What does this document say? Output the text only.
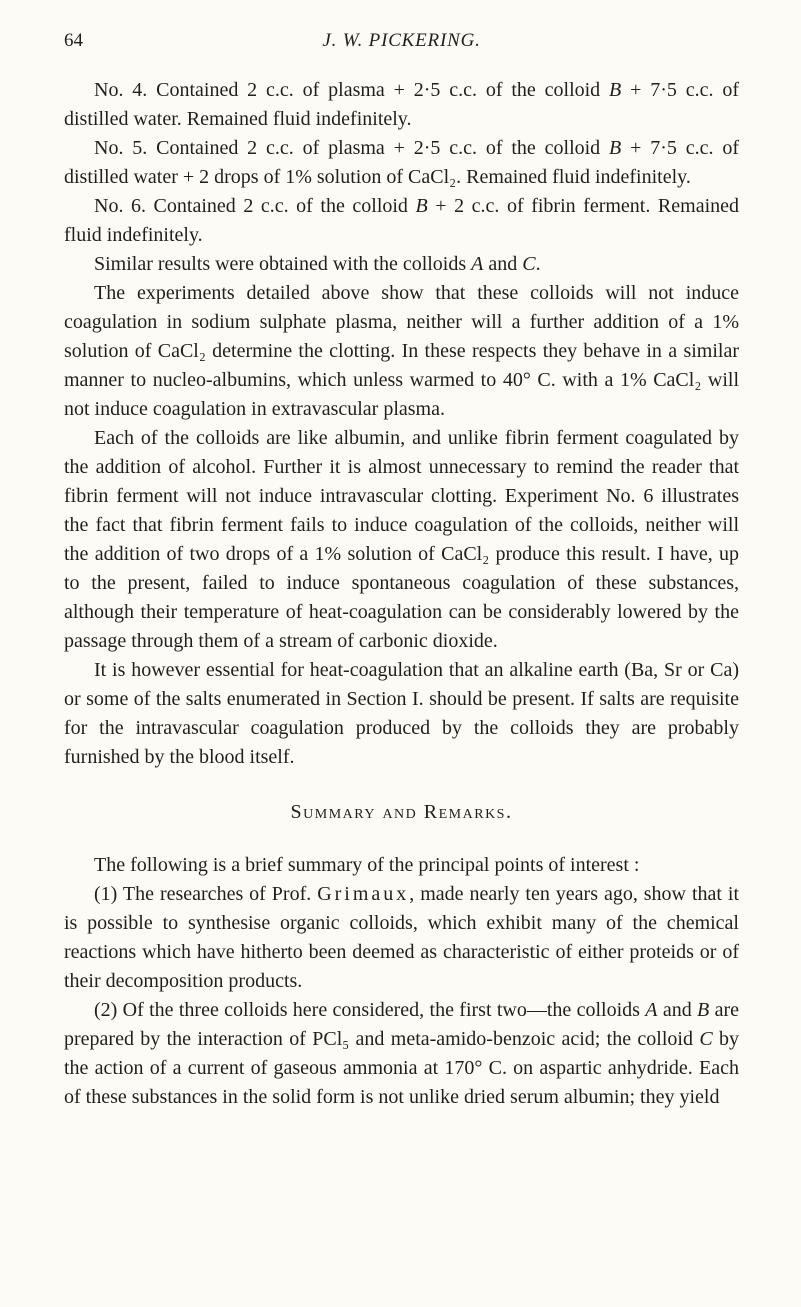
64	J. W. PICKERING.

No. 4. Contained 2 c.c. of plasma + 2·5 c.c. of the colloid B + 7·5 c.c. of distilled water. Remained fluid indefinitely.

No. 5. Contained 2 c.c. of plasma + 2·5 c.c. of the colloid B + 7·5 c.c. of distilled water + 2 drops of 1% solution of CaCl₂. Remained fluid indefinitely.

No. 6. Contained 2 c.c. of the colloid B + 2 c.c. of fibrin ferment. Remained fluid indefinitely.

Similar results were obtained with the colloids A and C.

The experiments detailed above show that these colloids will not induce coagulation in sodium sulphate plasma, neither will a further addition of a 1% solution of CaCl₂ determine the clotting. In these respects they behave in a similar manner to nucleo-albumins, which unless warmed to 40° C. with a 1% CaCl₂ will not induce coagulation in extravascular plasma.

Each of the colloids are like albumin, and unlike fibrin ferment coagulated by the addition of alcohol. Further it is almost unnecessary to remind the reader that fibrin ferment will not induce intravascular clotting. Experiment No. 6 illustrates the fact that fibrin ferment fails to induce coagulation of the colloids, neither will the addition of two drops of a 1% solution of CaCl₂ produce this result. I have, up to the present, failed to induce spontaneous coagulation of these substances, although their temperature of heat-coagulation can be considerably lowered by the passage through them of a stream of carbonic dioxide.

It is however essential for heat-coagulation that an alkaline earth (Ba, Sr or Ca) or some of the salts enumerated in Section I. should be present. If salts are requisite for the intravascular coagulation produced by the colloids they are probably furnished by the blood itself.

Summary and Remarks.

The following is a brief summary of the principal points of interest :

(1) The researches of Prof. Grimaux, made nearly ten years ago, show that it is possible to synthesise organic colloids, which exhibit many of the chemical reactions which have hitherto been deemed as characteristic of either proteids or of their decomposition products.

(2) Of the three colloids here considered, the first two—the colloids A and B are prepared by the interaction of PCl₅ and meta-amido-benzoic acid; the colloid C by the action of a current of gaseous ammonia at 170° C. on aspartic anhydride. Each of these substances in the solid form is not unlike dried serum albumin; they yield
